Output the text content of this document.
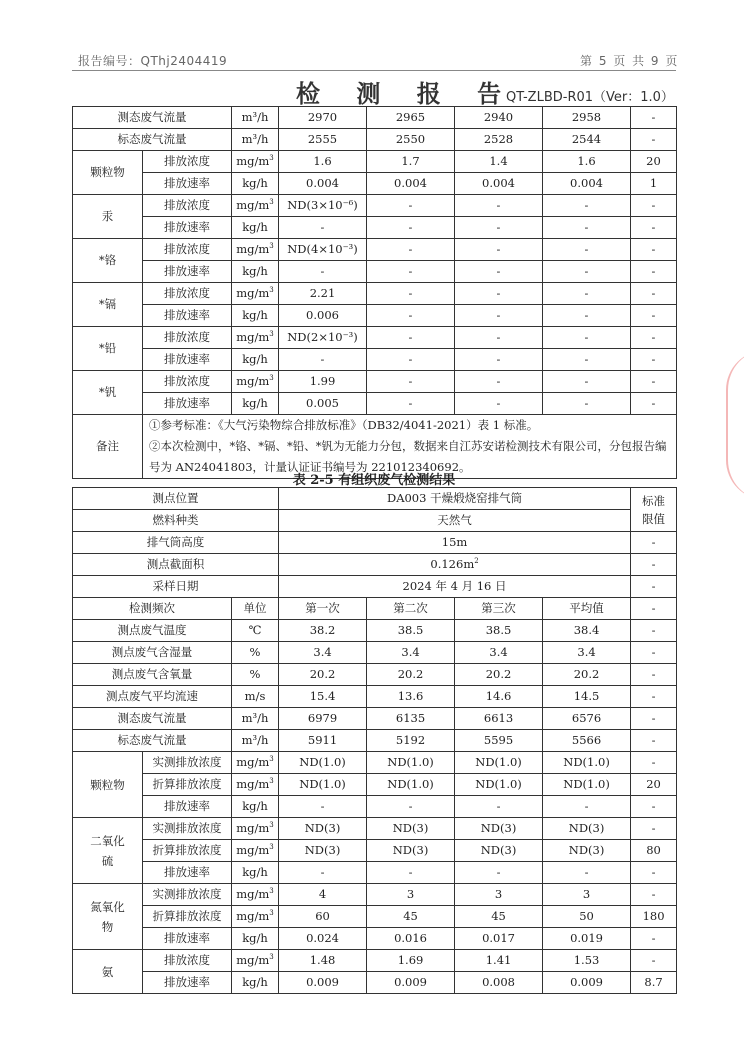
报告编号：QThj2404419	第 5 页 共 9 页
检 测 报 告
QT-ZLBD-R01（Ver：1.0）
测态废气流量		m³/h	2970	2965	2940	2958	-
标态废气流量		m³/h	2555	2550	2528	2544	-
颗粒物	排放浓度	$mg/m^3$	1.6	1.7	1.4	1.6	20
	排放速率	kg/h	0.004	0.004	0.004	0.004	1
汞	排放浓度	$mg/m^3$	ND(3×10⁻⁶)	-	-	-	-
	排放速率	kg/h	-	-	-	-	-
*铬	排放浓度	$mg/m^3$	ND(4×10⁻³)	-	-	-	-
	排放速率	kg/h	-	-	-	-	-
*镉	排放浓度	$mg/m^3$	2.21	-	-	-	-
	排放速率	kg/h	0.006	-	-	-	-
*铅	排放浓度	$mg/m^3$	ND(2×10⁻³)	-	-	-	-
	排放速率	kg/h	-	-	-	-	-
*钒	排放浓度	$mg/m^3$	1.99	-	-	-	-
	排放速率	kg/h	0.005	-	-	-	-
备注	①参考标准：《大气污染物综合排放标准》（DB32/4041-2021）表 1 标准。
②本次检测中，*铬、*镉、*铅、*钒为无能力分包，数据来自江苏安诺检测技术有限公司，分包报告编号为 AN24041803，计量认证证书编号为 221012340692。						
表 2-5 有组织废气检测结果
测点位置			DA003 干燥煅烧窑排气筒				标准限值
燃料种类			天然气				
排气筒高度			15m				-
测点截面积			$0.126m^2$				-
采样日期			2024 年 4 月 16 日				-
检测频次		单位	第一次	第二次	第三次	平均值	-
测点废气温度		℃	38.2	38.5	38.5	38.4	-
测点废气含湿量		%	3.4	3.4	3.4	3.4	-
测点废气含氧量		%	20.2	20.2	20.2	20.2	-
测点废气平均流速		m/s	15.4	13.6	14.6	14.5	-
测态废气流量		m³/h	6979	6135	6613	6576	-
标态废气流量		m³/h	5911	5192	5595	5566	-
颗粒物	实测排放浓度	$mg/m^3$	ND(1.0)	ND(1.0)	ND(1.0)	ND(1.0)	-
	折算排放浓度	$mg/m^3$	ND(1.0)	ND(1.0)	ND(1.0)	ND(1.0)	20
	排放速率	kg/h	-	-	-	-	-
二氧化硫	实测排放浓度	$mg/m^3$	ND(3)	ND(3)	ND(3)	ND(3)	-
	折算排放浓度	$mg/m^3$	ND(3)	ND(3)	ND(3)	ND(3)	80
	排放速率	kg/h	-	-	-	-	-
氮氧化物	实测排放浓度	$mg/m^3$	4	3	3	3	-
	折算排放浓度	$mg/m^3$	60	45	45	50	180
	排放速率	kg/h	0.024	0.016	0.017	0.019	-
氨	排放浓度	$mg/m^3$	1.48	1.69	1.41	1.53	-
	排放速率	kg/h	0.009	0.009	0.008	0.009	8.7
